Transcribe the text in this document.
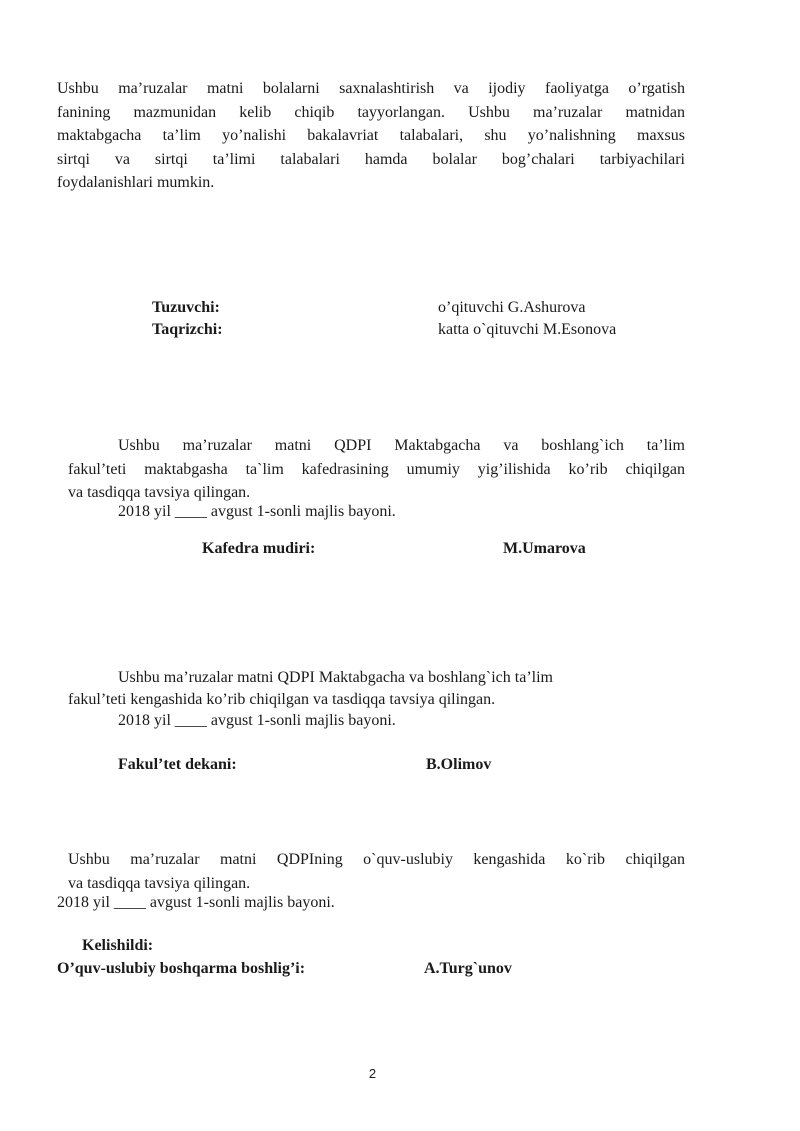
Ushbu ma’ruzalar matni bolalarni saxnalashtirish va ijodiy faoliyatga o’rgatish
fanining mazmunidan kelib chiqib tayyorlangan. Ushbu ma’ruzalar matnidan
maktabgacha ta’lim yo’nalishi bakalavriat talabalari, shu yo’nalishning maxsus
sirtqi va sirtqi ta’limi talabalari hamda bolalar bog’chalari tarbiyachilari
foydalanishlari mumkin.
Tuzuvchi:	o’qituvchi G.Ashurova
Taqrizchi:	katta o`qituvchi M.Esonova
Ushbu ma’ruzalar matni QDPI Maktabgacha va boshlang`ich ta’lim
fakul’teti maktabgasha ta`lim kafedrasining umumiy yig’ilishida ko’rib chiqilgan
va tasdiqqa tavsiya qilingan.
2018 yil ____ avgust 1-sonli majlis bayoni.
Kafedra mudiri:	M.Umarova
Ushbu ma’ruzalar matni QDPI Maktabgacha va boshlang`ich ta’lim
fakul’teti kengashida ko’rib chiqilgan va tasdiqqa tavsiya qilingan.
2018 yil ____ avgust 1-sonli majlis bayoni.
Fakul’tet dekani:	B.Olimov
Ushbu ma’ruzalar matni QDPIning o`quv-uslubiy kengashida ko`rib chiqilgan
va tasdiqqa tavsiya qilingan.
2018 yil ____ avgust 1-sonli majlis bayoni.
Kelishildi:
O’quv-uslubiy boshqarma boshlig’i:	A.Turg`unov
2
